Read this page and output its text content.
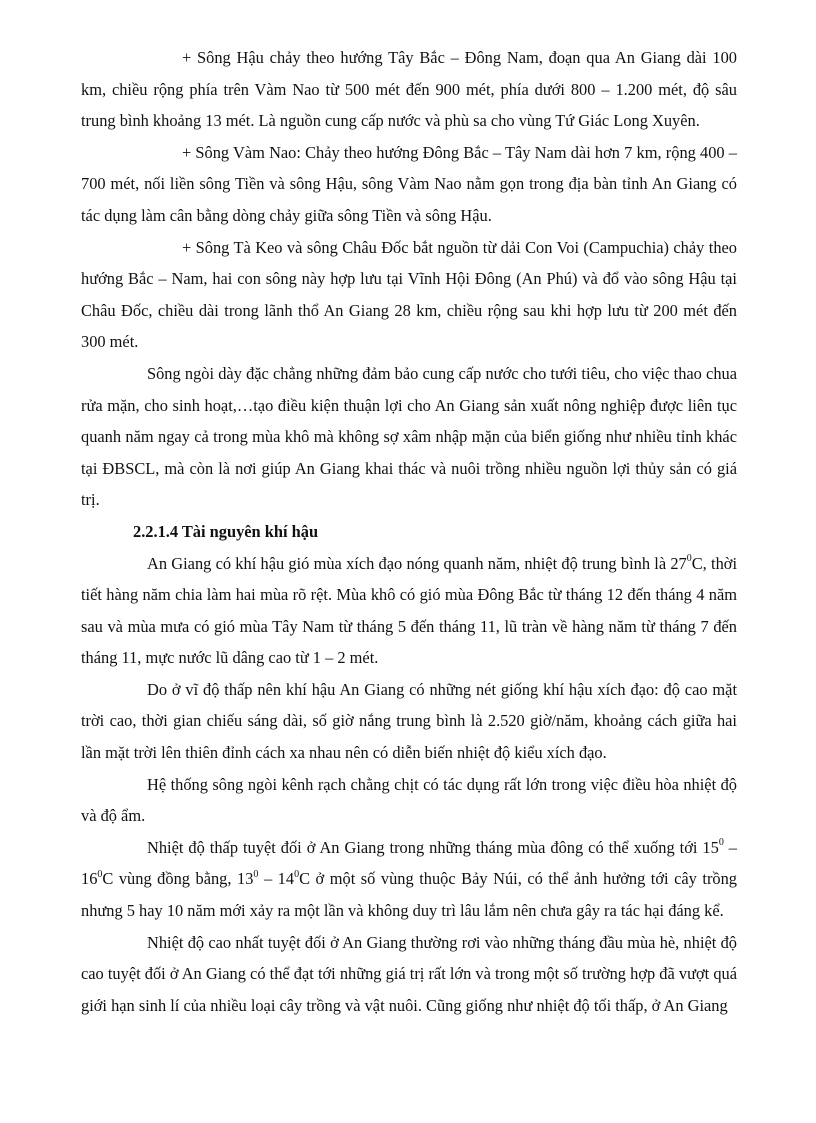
+ Sông Hậu chảy theo hướng Tây Bắc – Đông Nam, đoạn qua An Giang dài 100 km, chiều rộng phía trên Vàm Nao từ 500 mét đến 900 mét, phía dưới 800 – 1.200 mét, độ sâu trung bình khoảng 13 mét. Là nguồn cung cấp nước và phù sa cho vùng Tứ Giác Long Xuyên.

+ Sông Vàm Nao: Chảy theo hướng Đông Bắc – Tây Nam dài hơn 7 km, rộng 400 – 700 mét, nối liền sông Tiền và sông Hậu, sông Vàm Nao nằm gọn trong địa bàn tỉnh An Giang có tác dụng làm cân bằng dòng chảy giữa sông Tiền và sông Hậu.

+ Sông Tà Keo và sông Châu Đốc bắt nguồn từ dải Con Voi (Campuchia) chảy theo hướng Bắc – Nam, hai con sông này hợp lưu tại Vĩnh Hội Đông (An Phú) và đổ vào sông Hậu tại Châu Đốc, chiều dài trong lãnh thổ An Giang 28 km, chiều rộng sau khi hợp lưu từ 200 mét đến 300 mét.

Sông ngòi dày đặc chẳng những đảm bảo cung cấp nước cho tưới tiêu, cho việc thao chua rửa mặn, cho sinh hoạt,…tạo điều kiện thuận lợi cho An Giang sản xuất nông nghiệp được liên tục quanh năm ngay cả trong mùa khô mà không sợ xâm nhập mặn của biển giống như nhiều tỉnh khác tại ĐBSCL, mà còn là nơi giúp An Giang khai thác và nuôi trồng nhiều nguồn lợi thủy sản có giá trị.

2.2.1.4 Tài nguyên khí hậu

An Giang có khí hậu gió mùa xích đạo nóng quanh năm, nhiệt độ trung bình là $27^0C$, thời tiết hàng năm chia làm hai mùa rõ rệt. Mùa khô có gió mùa Đông Bắc từ tháng 12 đến tháng 4 năm sau và mùa mưa có gió mùa Tây Nam từ tháng 5 đến tháng 11, lũ tràn về hàng năm từ tháng 7 đến tháng 11, mực nước lũ dâng cao từ 1 – 2 mét.

Do ở vĩ độ thấp nên khí hậu An Giang có những nét giống khí hậu xích đạo: độ cao mặt trời cao, thời gian chiếu sáng dài, số giờ nắng trung bình là 2.520 giờ/năm, khoảng cách giữa hai lần mặt trời lên thiên đỉnh cách xa nhau nên có diễn biến nhiệt độ kiểu xích đạo.

Hệ thống sông ngòi kênh rạch chằng chịt có tác dụng rất lớn trong việc điều hòa nhiệt độ và độ ẩm.

Nhiệt độ thấp tuyệt đối ở An Giang trong những tháng mùa đông có thể xuống tới $15^0 - 16^0C$ vùng đồng bằng, $13^0 - 14^0C$ ở một số vùng thuộc Bảy Núi, có thể ảnh hưởng tới cây trồng nhưng 5 hay 10 năm mới xảy ra một lần và không duy trì lâu lắm nên chưa gây ra tác hại đáng kể.

Nhiệt độ cao nhất tuyệt đối ở An Giang thường rơi vào những tháng đầu mùa hè, nhiệt độ cao tuyệt đối ở An Giang có thể đạt tới những giá trị rất lớn và trong một số trường hợp đã vượt quá giới hạn sinh lí của nhiều loại cây trồng và vật nuôi. Cũng giống như nhiệt độ tối thấp, ở An Giang
